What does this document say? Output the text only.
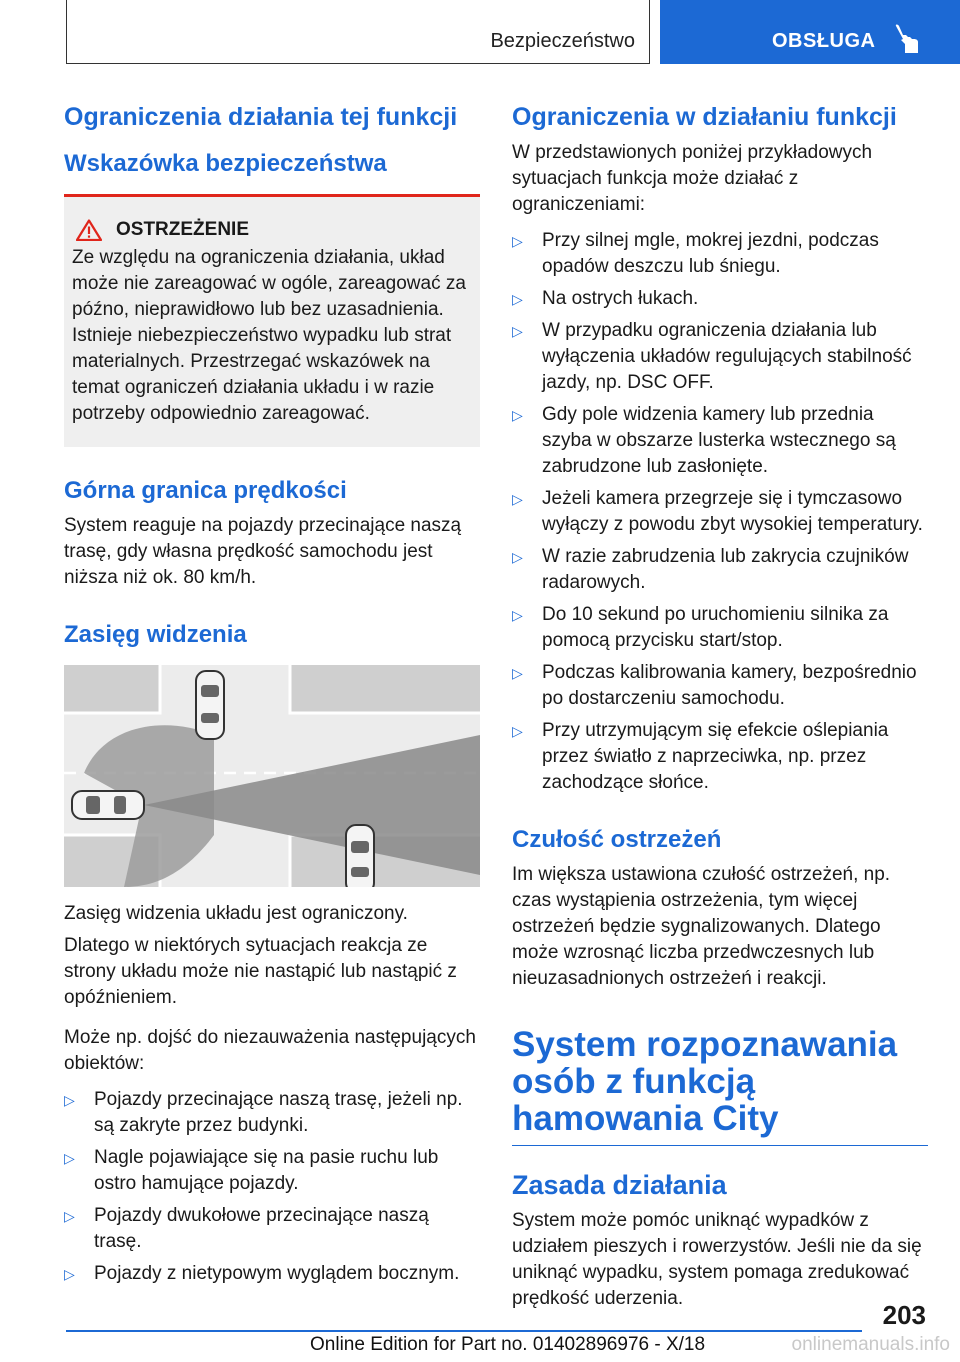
Bezpieczeństwo	OBSŁUGA
Ograniczenia działania tej funkcji
Wskazówka bezpieczeństwa
OSTRZEŻENIE

Ze względu na ograniczenia działania, układ może nie zareagować w ogóle, zareagować za późno, nieprawidłowo lub bez uzasadnienia. Istnieje niebezpieczeństwo wypadku lub strat materialnych. Przestrzegać wskazówek na temat ograniczeń działania układu i w razie potrzeby odpowiednio zareagować.

Górna granica prędkości

System reaguje na pojazdy przecinające naszą trasę, gdy własna prędkość samochodu jest niższa niż ok. 80 km/h.

Zasięg widzenia

Zasięg widzenia układu jest ograniczony.

Dlatego w niektórych sytuacjach reakcja ze strony układu może nie nastąpić lub nastąpić z opóźnieniem.

Może np. dojść do niezauważenia następujących obiektów:

▷ Pojazdy przecinające naszą trasę, jeżeli np. są zakryte przez budynki.
▷ Nagle pojawiające się na pasie ruchu lub ostro hamujące pojazdy.
▷ Pojazdy dwukołowe przecinające naszą trasę.
▷ Pojazdy z nietypowym wyglądem bocznym.
Ograniczenia w działaniu funkcji

W przedstawionych poniżej przykładowych sytuacjach funkcja może działać z ograniczeniami:

▷ Przy silnej mgle, mokrej jezdni, podczas opadów deszczu lub śniegu.
▷ Na ostrych łukach.
▷ W przypadku ograniczenia działania lub wyłączenia układów regulujących stabilność jazdy, np. DSC OFF.
▷ Gdy pole widzenia kamery lub przednia szyba w obszarze lusterka wstecznego są zabrudzone lub zasłonięte.
▷ Jeżeli kamera przegrzeje się i tymczasowo wyłączy z powodu zbyt wysokiej temperatury.
▷ W razie zabrudzenia lub zakrycia czujników radarowych.
▷ Do 10 sekund po uruchomieniu silnika za pomocą przycisku start/stop.
▷ Podczas kalibrowania kamery, bezpośrednio po dostarczeniu samochodu.
▷ Przy utrzymującym się efekcie oślepiania przez światło z naprzeciwka, np. przez zachodzące słońce.
Czułość ostrzeżeń

Im większa ustawiona czułość ostrzeżeń, np. czas wystąpienia ostrzeżenia, tym więcej ostrzeżeń będzie sygnalizowanych. Dlatego może wzrosnąć liczba przedwczesnych lub nieuzasadnionych ostrzeżeń i reakcji.

System rozpoznawania osób z funkcją hamowania City
Zasada działania

System może pomóc uniknąć wypadków z udziałem pieszych i rowerzystów. Jeśli nie da się uniknąć wypadku, system pomaga zredukować prędkość uderzenia.

203
Online Edition for Part no. 01402896976 - X/18	onlinemanuals.info
